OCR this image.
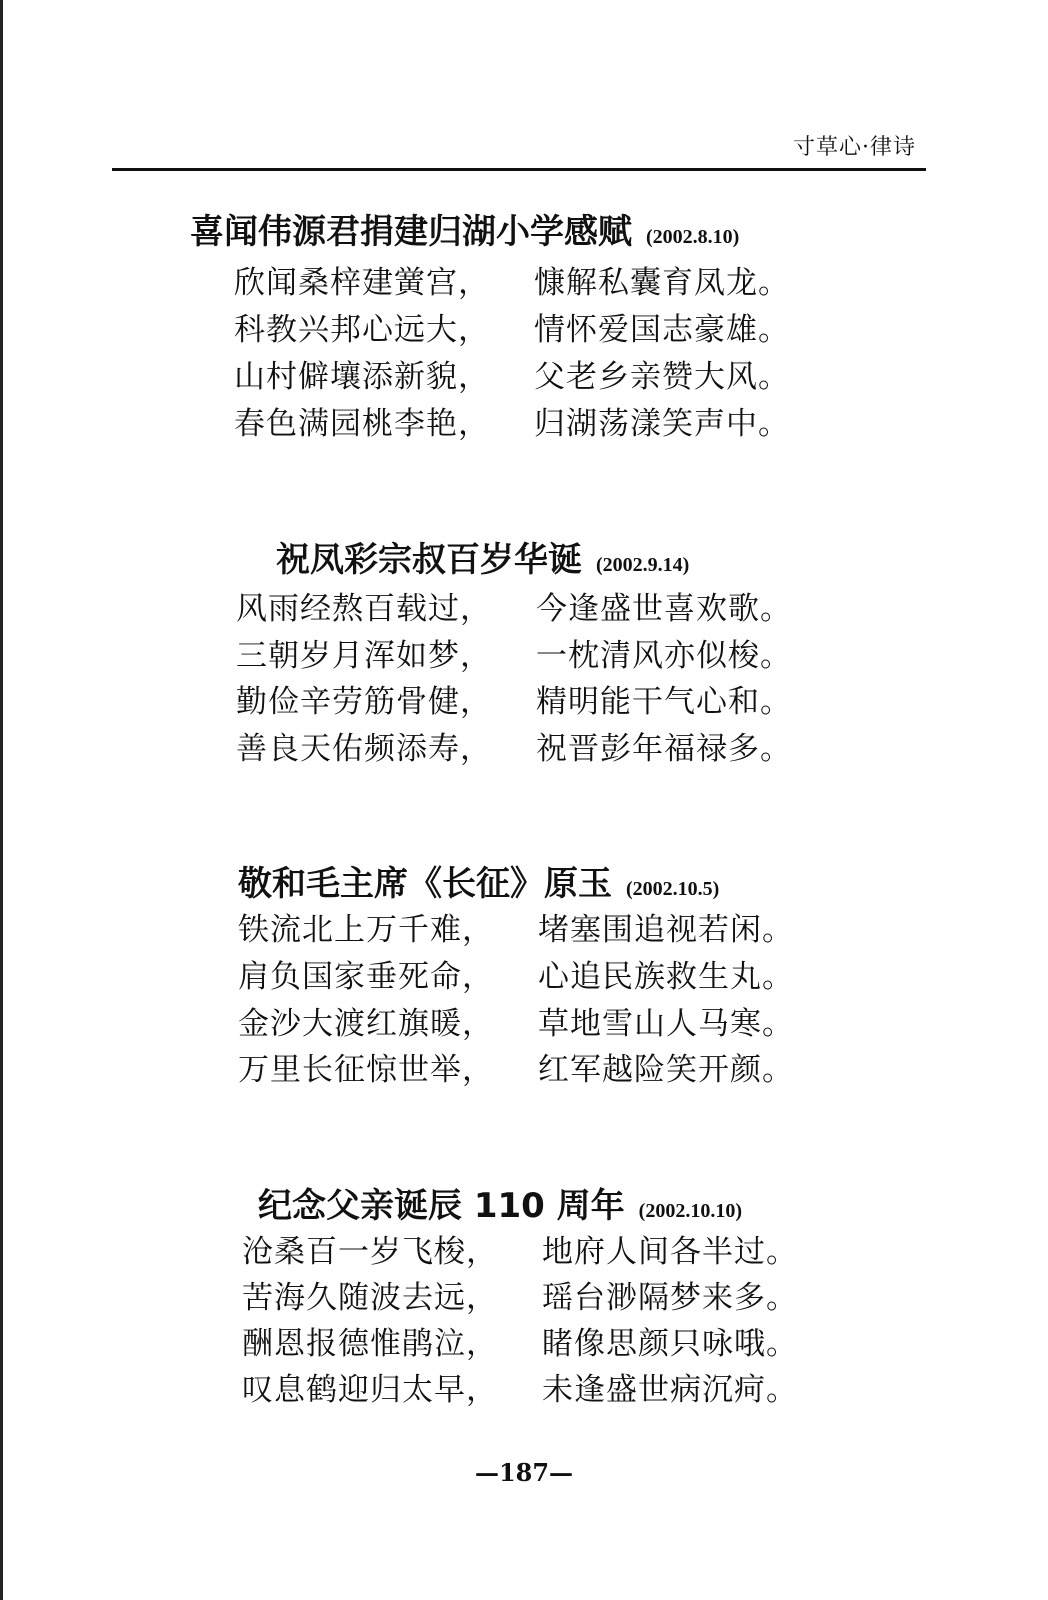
寸草心·律诗
喜闻伟源君捐建归湖小学感赋 (2002.8.10)
欣闻桑梓建黉宫， 慷解私囊育凤龙。
科教兴邦心远大， 情怀爱国志豪雄。
山村僻壤添新貌， 父老乡亲赞大风。
春色满园桃李艳， 归湖荡漾笑声中。
祝凤彩宗叔百岁华诞 (2002.9.14)
风雨经熬百载过， 今逢盛世喜欢歌。
三朝岁月浑如梦， 一枕清风亦似梭。
勤俭辛劳筋骨健， 精明能干气心和。
善良天佑频添寿， 祝晋彭年福禄多。
敬和毛主席《长征》原玉 (2002.10.5)
铁流北上万千难， 堵塞围追视若闲。
肩负国家垂死命， 心追民族救生丸。
金沙大渡红旗暖， 草地雪山人马寒。
万里长征惊世举， 红军越险笑开颜。
纪念父亲诞辰 110 周年 (2002.10.10)
沧桑百一岁飞梭， 地府人间各半过。
苦海久随波去远， 瑶台渺隔梦来多。
酬恩报德惟鹃泣， 睹像思颜只咏哦。
叹息鹤迎归太早， 未逢盛世病沉疴。
—187—
